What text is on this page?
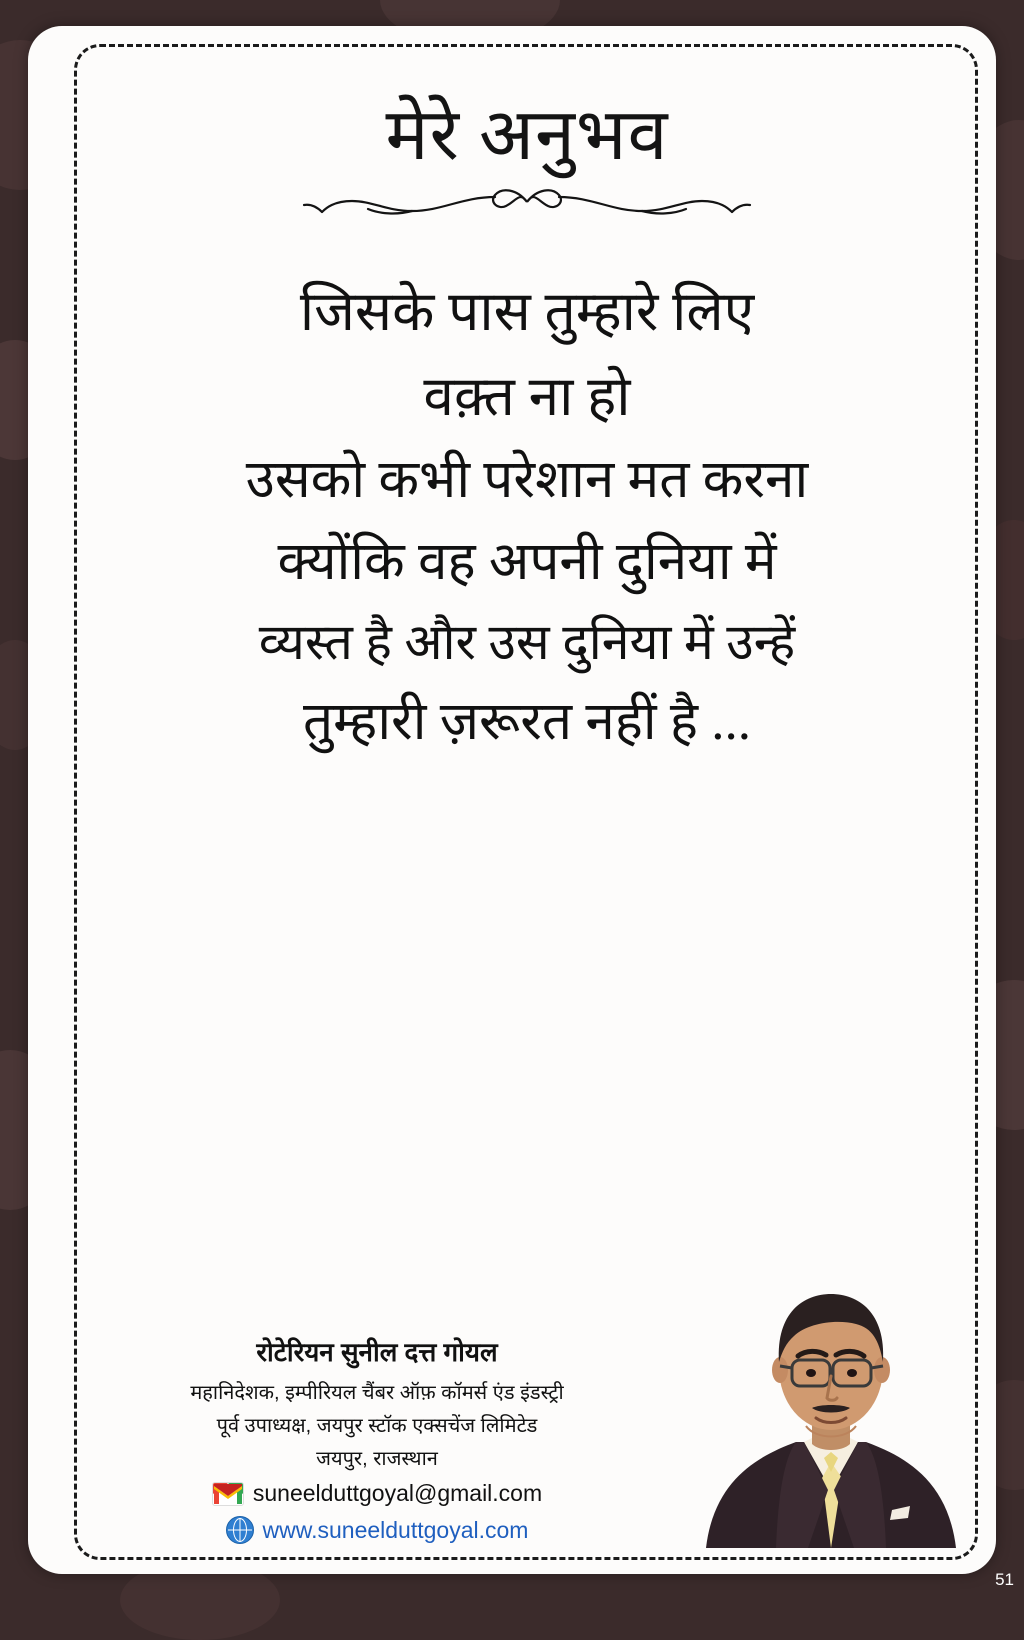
मेरे अनुभव
जिसके पास तुम्हारे लिए
वक़्त ना हो
उसको कभी परेशान मत करना
क्योंकि वह अपनी दुनिया में
व्यस्त है और उस दुनिया में उन्हें
तुम्हारी ज़रूरत नहीं है ...
रोटेरियन सुनील दत्त गोयल
महानिदेशक, इम्पीरियल चैंबर ऑफ़ कॉमर्स एंड इंडस्ट्री
पूर्व उपाध्यक्ष, जयपुर स्टॉक एक्सचेंज लिमिटेड
जयपुर, राजस्थान
suneelduttgoyal@gmail.com
www.suneelduttgoyal.com
51
